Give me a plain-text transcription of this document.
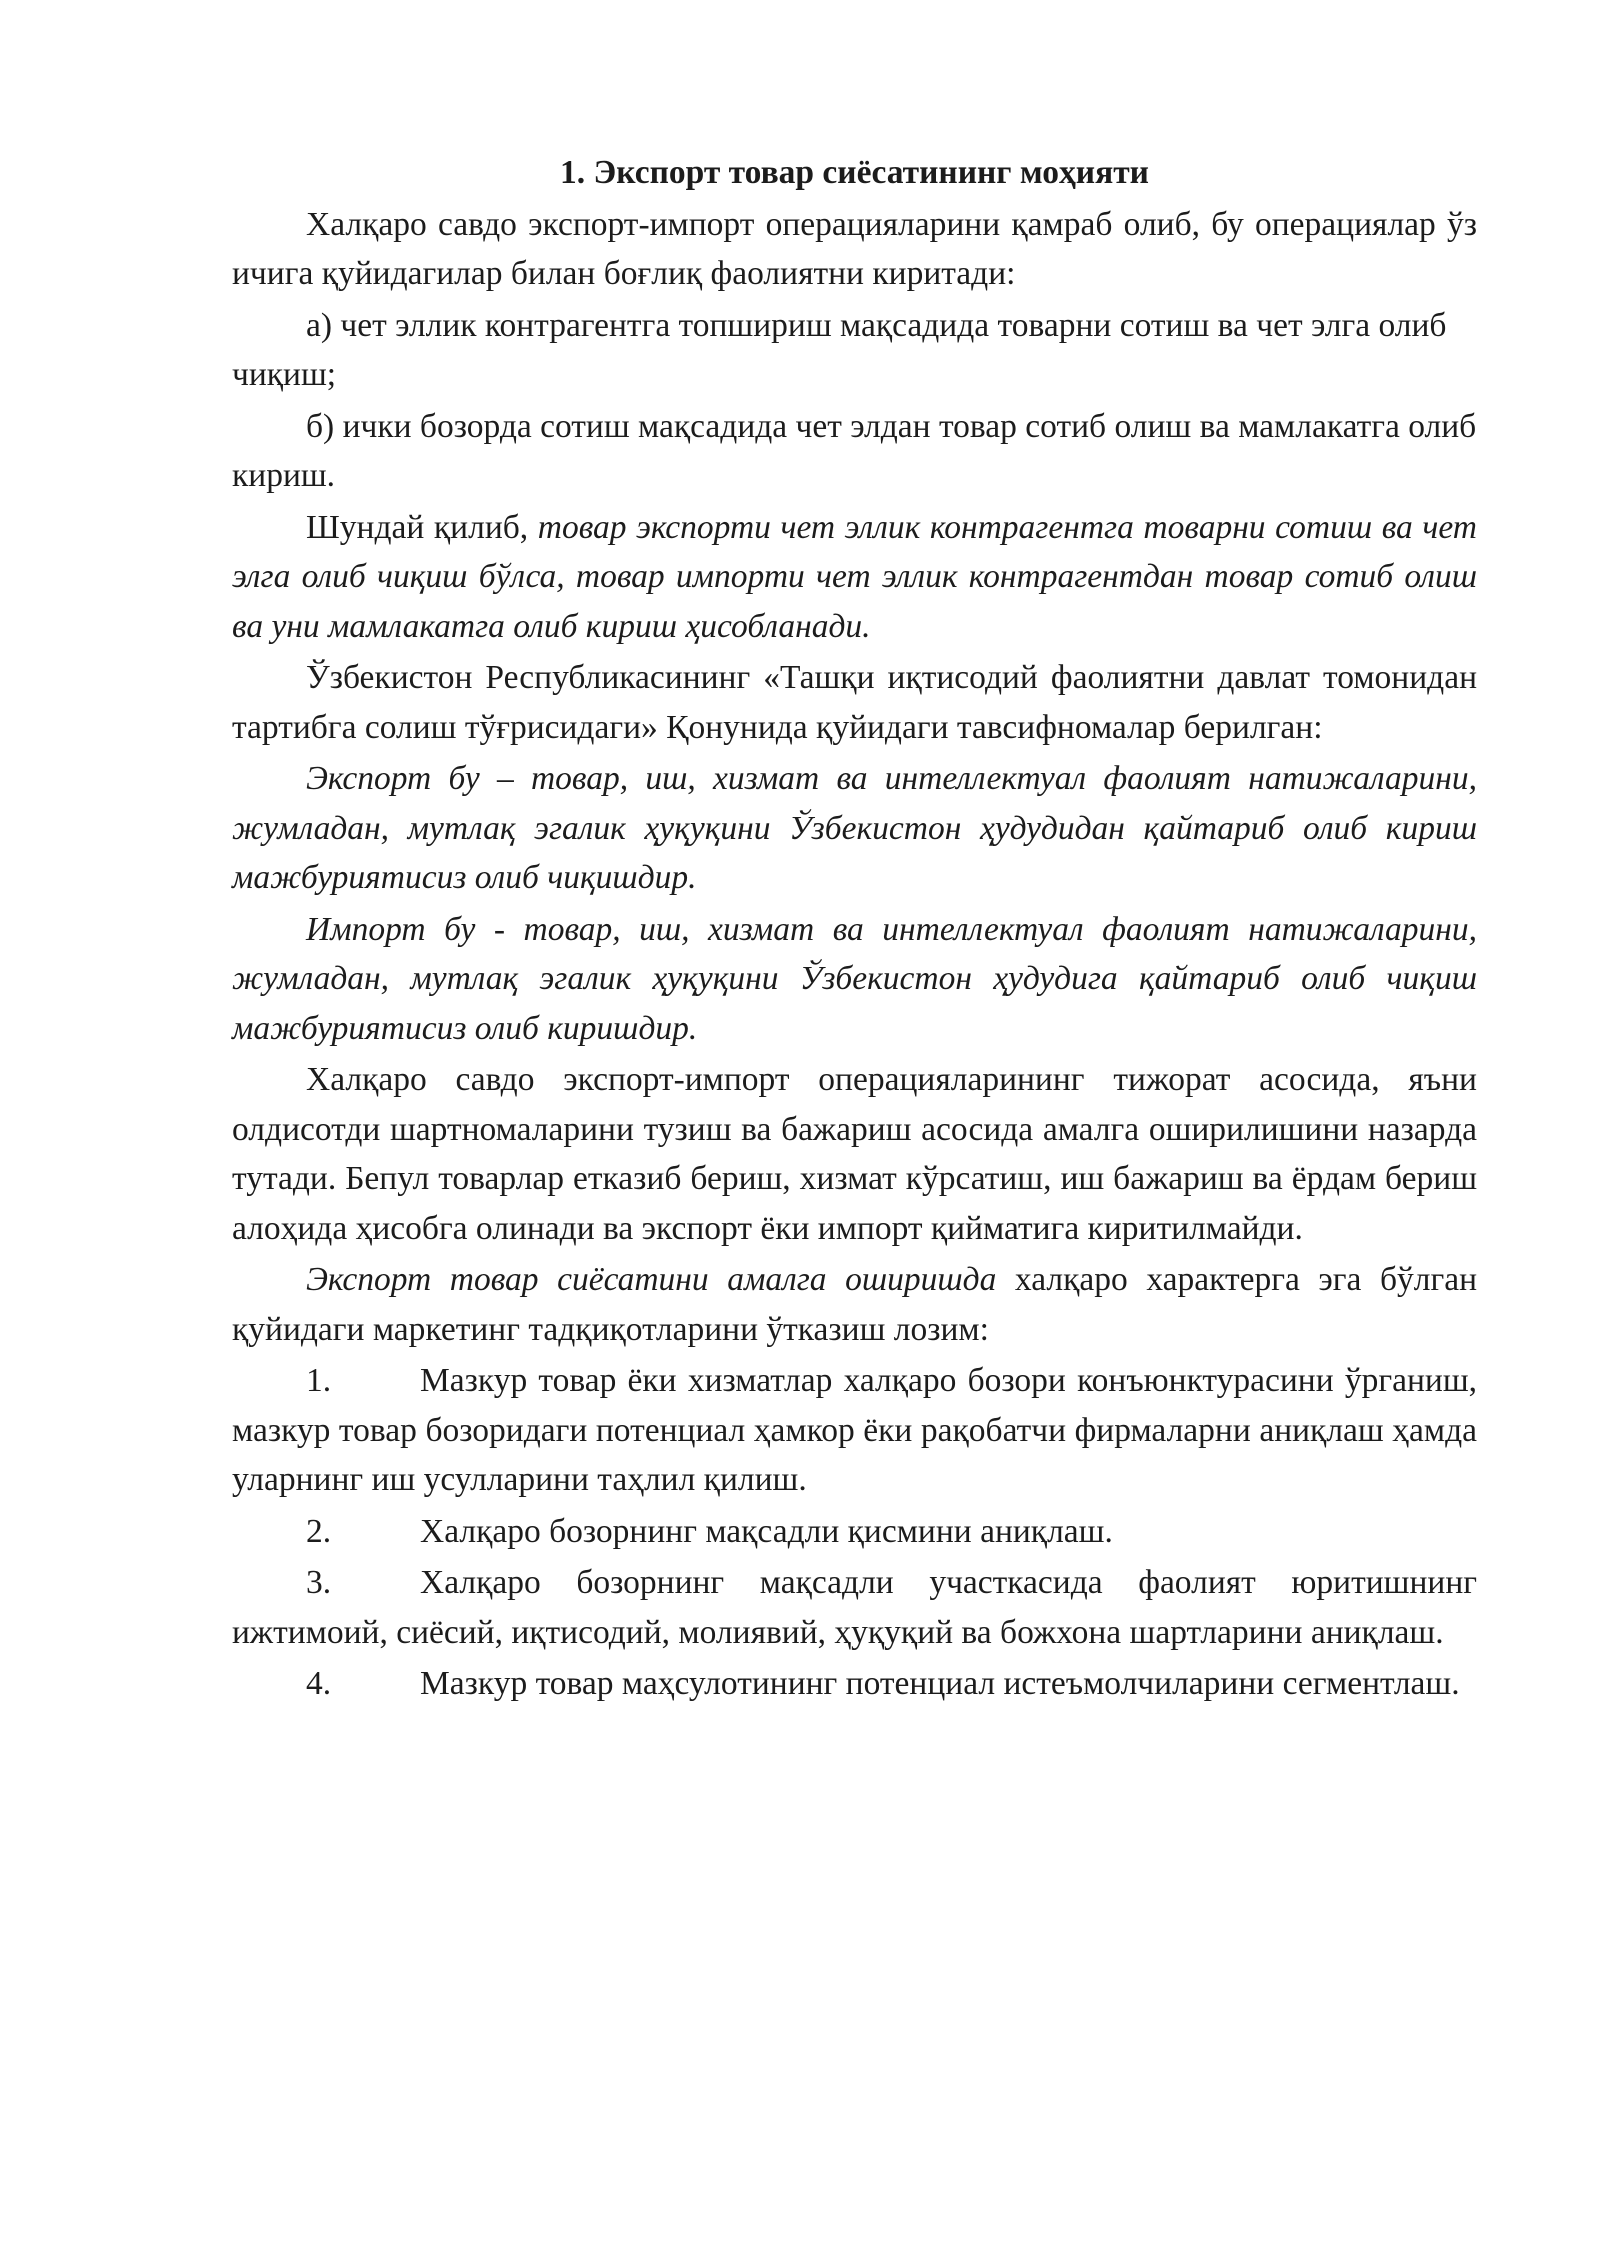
1. Экспорт товар сиёсатининг моҳияти

Халқаро савдо экспорт-импорт операцияларини қамраб олиб, бу операциялар ўз ичига қуйидагилар билан боғлиқ фаолиятни киритади:

а) чет эллик контрагентга топшириш мақсадида товарни сотиш ва чет элга олиб

чиқиш;

б) ички бозорда сотиш мақсадида чет элдан товар сотиб олиш ва мамлакатга олиб

кириш.

Шундай қилиб, товар экспорти чет эллик контрагентга товарни сотиш ва чет элга олиб чиқиш бўлса, товар импорти чет эллик контрагентдан товар сотиб олиш ва уни мамлакатга олиб кириш ҳисобланади.

Ўзбекистон Республикасининг «Ташқи иқтисодий фаолиятни давлат томонидан тартибга солиш тўғрисидаги» Қонунида қуйидаги тавсифномалар берилган:

Экспорт бу – товар, иш, хизмат ва интеллектуал фаолият натижаларини, жумладан, мутлақ эгалик ҳуқуқини Ўзбекистон ҳудудидан қайтариб олиб кириш мажбуриятисиз олиб чиқишдир.

Импорт бу - товар, иш, хизмат ва интеллектуал фаолият натижаларини, жумладан, мутлақ эгалик ҳуқуқини Ўзбекистон ҳудудига қайтариб олиб чиқиш мажбуриятисиз олиб киришдир.

Халқаро савдо экспорт-импорт операцияларининг тижорат асосида, яъни олдисотди шартномаларини тузиш ва бажариш асосида амалга оширилишини назарда тутади. Бепул товарлар етказиб бериш, хизмат кўрсатиш, иш бажариш ва ёрдам бериш алоҳида ҳисобга олинади ва экспорт ёки импорт қийматига киритилмайди.

Экспорт товар сиёсатини амалга оширишда халқаро характерга эга бўлган қуйидаги маркетинг тадқиқотларини ўтказиш лозим:

1.	Мазкур товар ёки хизматлар халқаро бозори конъюнктурасини ўрганиш, мазкур товар бозоридаги потенциал ҳамкор ёки рақобатчи фирмаларни аниқлаш ҳамда уларнинг иш усулларини таҳлил қилиш.

2.	Халқаро бозорнинг мақсадли қисмини аниқлаш.

3.	Халқаро бозорнинг мақсадли участкасида фаолият юритишнинг ижтимоий, сиёсий, иқтисодий, молиявий, ҳуқуқий ва божхона шартларини аниқлаш.

4.	Мазкур товар маҳсулотининг потенциал истеъмолчиларини сегментлаш.
